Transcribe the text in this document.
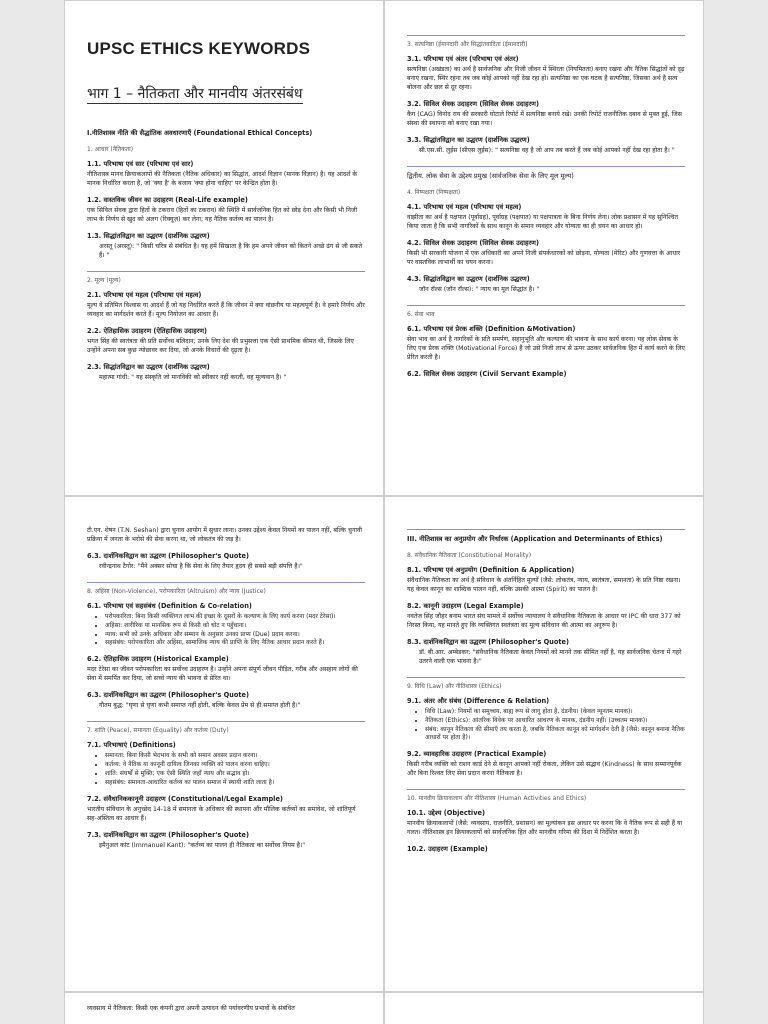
UPSC ETHICS KEYWORDS
भाग 1 – नैतिकता और मानवीय अंतरसंबंध
I.नीतिशास्त्र नीति की सैद्धांतिक अवधारणाएँ (Foundational Ethical Concepts)
1. आचार (नैतिकता)
1.1. परिभाषा एवं सार (परिभाषा एवं सार)
नीतिशास्त्र मानव क्रियाकलापों की नैतिकता (नैतिक अधिकार) का सिद्धांत, आदर्श विज्ञान (मानक विज्ञान) है। यह आदर्श के मानक निर्धारित करता है, जो 'क्या है' के बजाय 'क्या होना चाहिए' पर केन्द्रित होता है।
1.2. वास्तविक जीवन का उदाहरण (Real-Life example)
एक सिविल सेवक द्वारा हितों के टकराव (हितों का टकराव) की स्थिति में सार्वजनिक हित को छोड़ देना और किसी भी निजी लाभ के निर्णय से खुद को अलग (रिक्यूज़) कर लेना; यह नैतिक कर्तव्य का पालन है।
1.3. सिद्धांतविद्वान का उद्धरण (दार्शनिक उद्धरण)
अरस्तू (अरस्तू): " किसी चरित्र से संबंधित है। यह हमें सिखाता है कि हम अपने जीवन को कितने अच्छे ढंग से जी सकते हैं। "
2. मूल्य (मूल्य)
2.1. परिभाषा एवं महत्व (परिभाषा एवं महत्व)
मूल्य वे प्रतिमित विश्वास या आदर्श हैं जो यह निर्धारित करते हैं कि जीवन में क्या वांछनीय या महत्वपूर्ण है। वे हमारे निर्णय और व्यवहार का मार्गदर्शन करते हैं। मूल्य नियोजन का आधार हैं।
2.2. ऐतिहासिक उदाहरण (ऐतिहासिक उदाहरण)
भगत सिंह की स्वतंत्रता की प्रति सर्वोच्च बलिदान; उनके लिए देश की प्रभुसत्ता एक ऐसी प्राथमिक कीमत थी, जिसके लिए उन्होंने अपना सब कुछ न्योछावर कर दिया, जो अनके विचारों की दृढ़ता है।
2.3. सिद्धांतविद्वान का उद्धरण (दार्शनिक उद्धरण)
महात्मा गांधी: " यह संस्कृति जो मानविकी को स्वीकार नहीं करती, वह मूल्यवान है। "
3. सत्यनिष्ठा (ईमानदारी और सिद्धांतवादिता (ईमानदारी)
3.1. परिभाषा एवं अंतर (परिभाषा एवं अंतर)
सत्यनिष्ठा (अखंडता) का अर्थ है सार्वजनिक और निजी जीवन में स्थिरता (नियमितता) बनाए रखना और नैतिक सिद्धांतों को दृढ़ बनाए रखना, स्थिर रहना तब जब कोई आपको नहीं देख रहा हो। सत्यनिष्ठा का एक घटक है सत्यनिष्ठा, जिसका अर्थ है सत्य बोलना और छल से दूर रहना।
3.2. सिविल सेवक उदाहरण (सिविल सेवक उदाहरण)
कैग (CAG) विनोद राय की सरकारी घोटाले रिपोर्ट में सत्यनिष्ठा बनाये रखे। उनकी रिपोर्ट राजनीतिक दबाव से मुक्त हुई, जिस संस्था की स्थापना को बनाए रखा गया।
3.3. सिद्धांतविद्वान का उद्धरण (दार्शनिक उद्धरण)
सी.एस.सी. लुईस (सीएस लुईस): " सत्यनिष्ठा वह है जो आप तब करते हैं जब कोई आपको नहीं देख रहा होता है। "
द्वितीय. लोक सेवा के उद्देश्य प्रमुख (सार्वजनिक सेवा के लिए मूल मूल्य)
4. निष्पक्षता (निष्पक्षता)
4.1. परिभाषा एवं महत्व (परिभाषा एवं महत्व)
वाझीता का अर्थ है पक्षपात (पूर्वाग्रह), पूर्वाग्रह (पक्षपात) या पक्षपात्रता के बिना निर्णय लेना। लोक प्रशासन में यह सुनिश्चित किया जाता है कि सभी नागरिकों के साथ कानून के समान व्यवहार और योग्यता का ही चयन का आधार हो।
4.2. सिविल सेवक उदाहरण (सिविल सेवक उदाहरण)
किसी भी सरकारी योजना में एक अधिकारी का अपने निजी संपर्कधारकों को छोड़ना, योग्यता (मेरिट) और गुणवत्ता के आधार पर वास्तविक लाभार्थी का चयन करना।
4.3. सिद्धांतविद्वान का उद्धरण (दार्शनिक उद्धरण)
जॉन रॉल्स (जॉन रॉल्स): " न्याय का मूल सिद्धांत है। "
6. सेवा भाव
6.1. परिभाषा एवं प्रेरक शक्ति (Definition &Motivation)
सेवा भाव का अर्थ है नागरिकों के प्रति समर्पण, सहानुभूति और कल्याण की भावना के साथ कार्य करना। यह लोक सेवक के लिए एक प्रेरक शक्ति (Motivational Force) है जो उसे निजी लाभ से ऊपर उठकर सार्वजनिक हित में कार्य करने के लिए प्रेरित करती है।
6.2. सिविल सेवक उदाहरण (Civil Servant Example)
टी.एन. शेषन (T.N. Seshan) द्वारा चुनाव आयोग में सुधार लाना। उनका उद्देश्य केवल नियमों का पालन नहीं, बल्कि चुनावी प्रक्रिया में जनता के भरोसे की सेवा करना था, जो लोकतंत्र की जड़ है।
6.3. दार्शनिकविद्वान का उद्धरण (Philosopher's Quote)
रवीन्द्रनाथ टैगोर: "मैंने अक्सर सोचा है कि सेवा के लिए तैयार हृदय ही सबसे बड़ी संपत्ति है।"
8. अहिंसा (Non-Violence), परोपकारिता (Altruism) और न्याय (Justice)
6.1. परिभाषा एवं सहसंबंध (Definition & Co-relation)
• परोपकारिता: बिना किसी व्यक्तिगत लाभ की इच्छा के दूसरों के कल्याण के लिए कार्य करना (मदर टेरेसा)।
• अहिंसा: शारीरिक या मानसिक रूप से किसी को चोट न पहुँचाना।
• न्याय: सभी को उनके अधिकार और सम्मान के अनुसार उनका प्राप्य (Due) प्रदान करना।
• सहसंबंध: परोपकारिता और अहिंसा, सामाजिक न्याय की प्राप्ति के लिए नैतिक आधार प्रदान करते हैं।
6.2. ऐतिहासिक उदाहरण (Historical Example)
मदर टेरेसा का जीवन परोपकारिता का सर्वोच्च उदाहरण है। उन्होंने अपना संपूर्ण जीवन पीड़ित, गरीब और असहाय लोगों की सेवा में समर्पित कर दिया, जो सच्चे न्याय की भावना से प्रेरित था।
6.3. दार्शनिकविद्वान का उद्धरण (Philosopher's Quote)
गौतम बुद्ध: "घृणा से घृणा कभी समाप्त नहीं होती, बल्कि केवल प्रेम से ही समाप्त होती है।"
7. शांति (Peace), समानता (Equality) और कर्तव्य (Duty)
7.1. परिभाषाएं (Definitions)
• समानता: बिना किसी भेदभाव के सभी को समान अवसर प्रदान करना।
• कर्तव्य: वे नैतिक या कानूनी दायित्व जिनका व्यक्ति को पालन करना चाहिए।
• शांति: संघर्षों से मुक्ति; एक ऐसी स्थिति जहाँ न्याय और सद्भाव हो।
• सहसंबंध: समानता-आधारित कर्तव्य का पालन समाज में स्थायी शांति लाता है।
7.2. संवैधानिककानूनी उदाहरण (Constitutional/Legal Example)
भारतीय संविधान के अनुच्छेद 14-18 में समानता के अधिकार की स्थापना और मौलिक कर्तव्यों का समावेश, जो शांतिपूर्ण सह-अस्तित्व का आधार हैं।
7.3. दार्शनिकविद्वान का उद्धरण (Philosopher's Quote)
इमैनुअल कांट (Immanuel Kant): "कर्तव्य का पालन ही नैतिकता का सर्वोच्च नियम है।"
III. नीतिशास्त्र का अनुप्रयोग और निर्धारक (Application and Determinants of Ethics)
8. संवैधानिक नैतिकता (Constitutional Morality)
8.1. परिभाषा एवं अनुप्रयोग (Definition & Application)
संवैधानिक नैतिकता का अर्थ है संविधान के अंतर्निहित मूल्यों (जैसे: लोकतंत्र, न्याय, स्वतंत्रता, समानता) के प्रति निष्ठा रखना। यह केवल कानून का शाब्दिक पालन नहीं, बल्कि उसकी आत्मा (Spirit) का पालन है।
8.2. कानूनी उदाहरण (Legal Example)
नवतेज सिंह जौहर बनाम भारत संघ मामले में सर्वोच्च न्यायालय ने संवैधानिक नैतिकता के आधार पर IPC की धारा 377 को निरस्त किया, यह मानते हुए कि व्यक्तिगत स्वतंत्रता का मूल्य संविधान की आत्मा का अनुरूप है।
8.3. दार्शनिकविद्वान का उद्धरण (Philosopher's Quote)
डॉ. बी.आर. अम्बेडकर: "संवैधानिक नैतिकता केवल नियमों को मानने तक सीमित नहीं है, यह सार्वजनिक चेतना में गहरे उतरने वाली एक भावना है।"
9. विधि (Law) और नीतिशास्त्र (Ethics)
9.1. अंतर और संबंध (Difference & Relation)
• विधि (Law): नियमों का समुच्चय, बाह्य रूप से लागू होता है, दंडनीय। (केवल न्यूनतम मानक)।
• नैतिकता (Ethics): आंतरिक विवेक पर आधारित आचरण के मानक, दंडनीय नहीं। (उच्चतम मानक)।
• संबंध: कानून नैतिकता की सीमाएँ तय करता है, जबकि नैतिकता कानून को मार्गदर्शन देती है (जैसे: कानून बनाना नैतिक आधारों पर होता है)।
9.2. व्यावहारिक उदाहरण (Practical Example)
किसी गरीब व्यक्ति को राशन कार्ड देने से कानून आपको नहीं रोकता, लेकिन उसे सद्भाव (Kindness) के साथ सम्मानपूर्वक और बिना रिश्वत लिए सेवा प्रदान करना नैतिकता है।
10. मानवीय क्रियाकलाप और नीतिशास्त्र (Human Activities and Ethics)
10.1. उद्देश्य (Objective)
मानवीय क्रियाकलापों (जैसे: व्यवसाय, राजनीति, प्रशासन) का मूल्यांकन इस आधार पर करना कि वे नैतिक रूप से सही हैं या गलत। नीतिशास्त्र इन क्रियाकलापों को सार्वजनिक हित और मानवीय गरिमा की दिशा में निर्देशित करता है।
10.2. उदाहरण (Example)
व्यवसाय में नैतिकता: किसी एक कंपनी द्वारा अपनी उत्पादन की पर्यावरणीय प्रभावों के संबंधित
